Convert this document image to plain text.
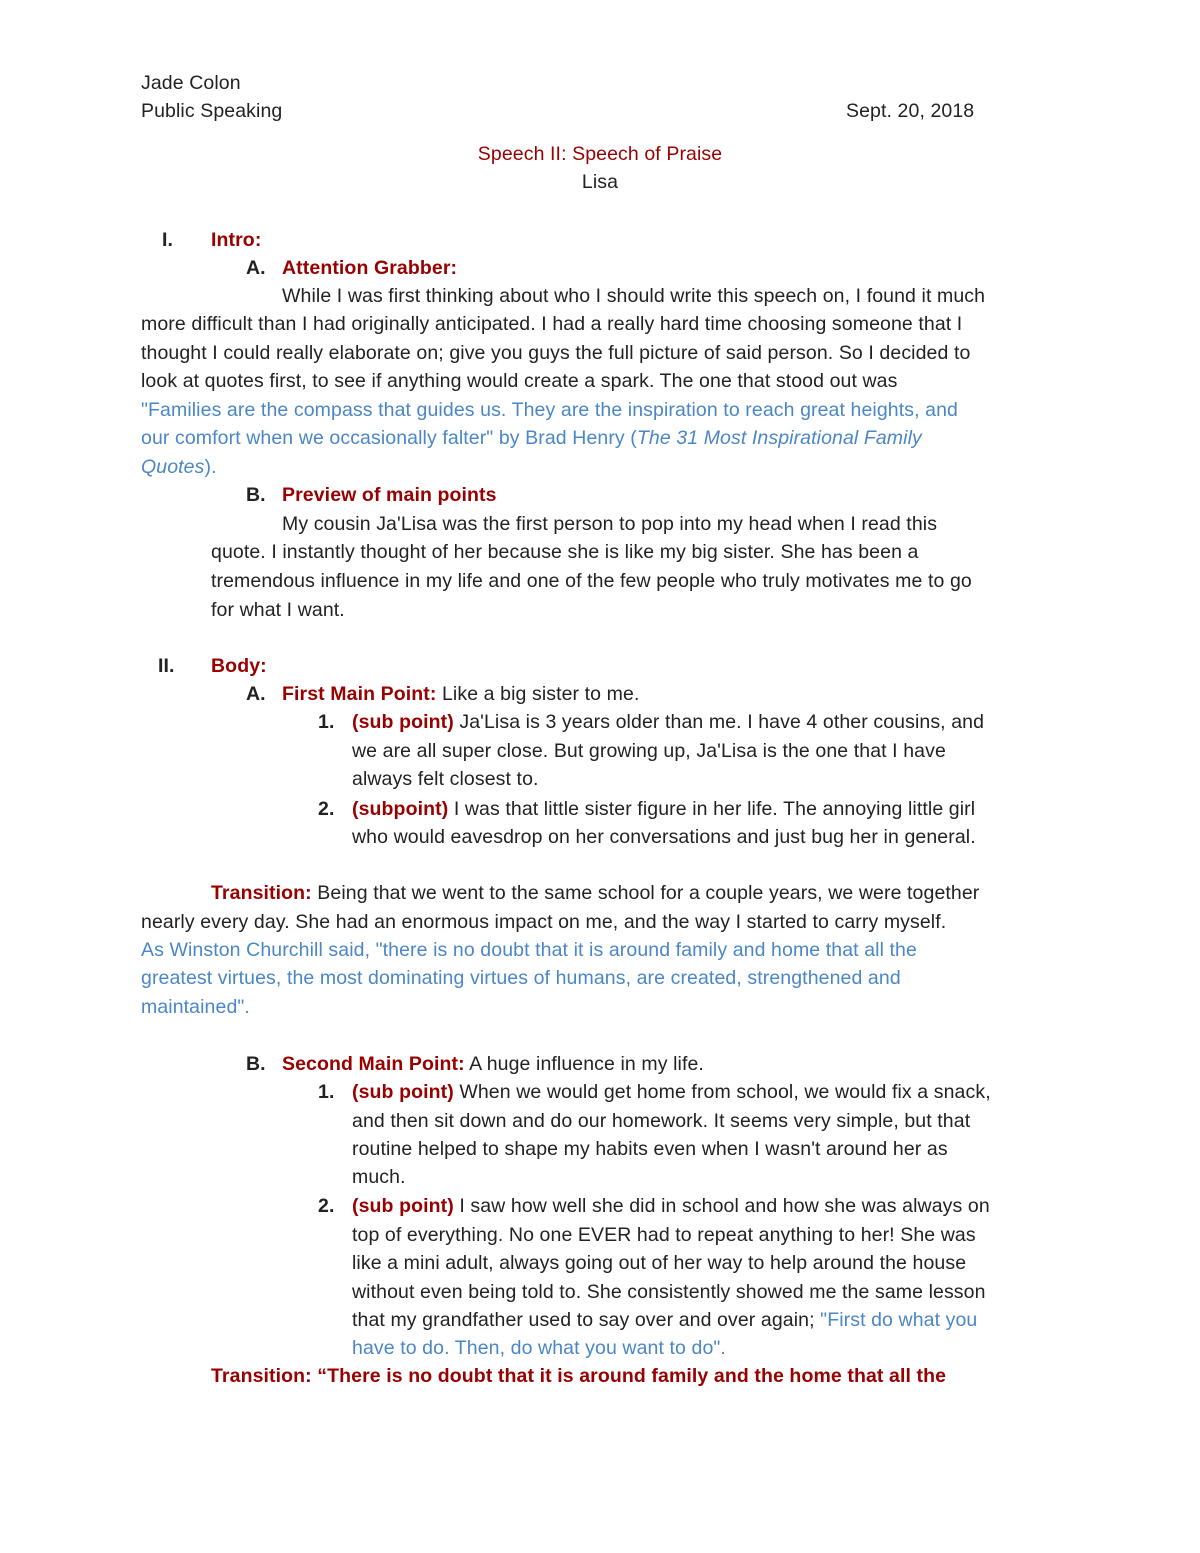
Jade Colon
Public Speaking	Sept. 20, 2018
Speech II: Speech of Praise
Lisa
I. Intro:
A. Attention Grabber:
While I was first thinking about who I should write this speech on, I found it much
more difficult than I had originally anticipated. I had a really hard time choosing someone that I
thought I could really elaborate on; give you guys the full picture of said person. So I decided to
look at quotes first, to see if anything would create a spark. The one that stood out was
"Families are the compass that guides us. They are the inspiration to reach great heights, and
our comfort when we occasionally falter" by Brad Henry (The 31 Most Inspirational Family
Quotes).
B. Preview of main points
My cousin Ja'Lisa was the first person to pop into my head when I read this
quote. I instantly thought of her because she is like my big sister. She has been a
tremendous influence in my life and one of the few people who truly motivates me to go
for what I want.
II. Body:
A. First Main Point: Like a big sister to me.
1. (sub point) Ja'Lisa is 3 years older than me. I have 4 other cousins, and
we are all super close. But growing up, Ja'Lisa is the one that I have
always felt closest to.
2. (subpoint) I was that little sister figure in her life. The annoying little girl
who would eavesdrop on her conversations and just bug her in general.
Transition: Being that we went to the same school for a couple years, we were together
nearly every day. She had an enormous impact on me, and the way I started to carry myself.
As Winston Churchill said, "there is no doubt that it is around family and home that all the
greatest virtues, the most dominating virtues of humans, are created, strengthened and
maintained".
B. Second Main Point: A huge influence in my life.
1. (sub point) When we would get home from school, we would fix a snack,
and then sit down and do our homework. It seems very simple, but that
routine helped to shape my habits even when I wasn't around her as
much.
2. (sub point) I saw how well she did in school and how she was always on
top of everything. No one EVER had to repeat anything to her! She was
like a mini adult, always going out of her way to help around the house
without even being told to. She consistently showed me the same lesson
that my grandfather used to say over and over again; "First do what you
have to do. Then, do what you want to do".
Transition: “There is no doubt that it is around family and the home that all the
